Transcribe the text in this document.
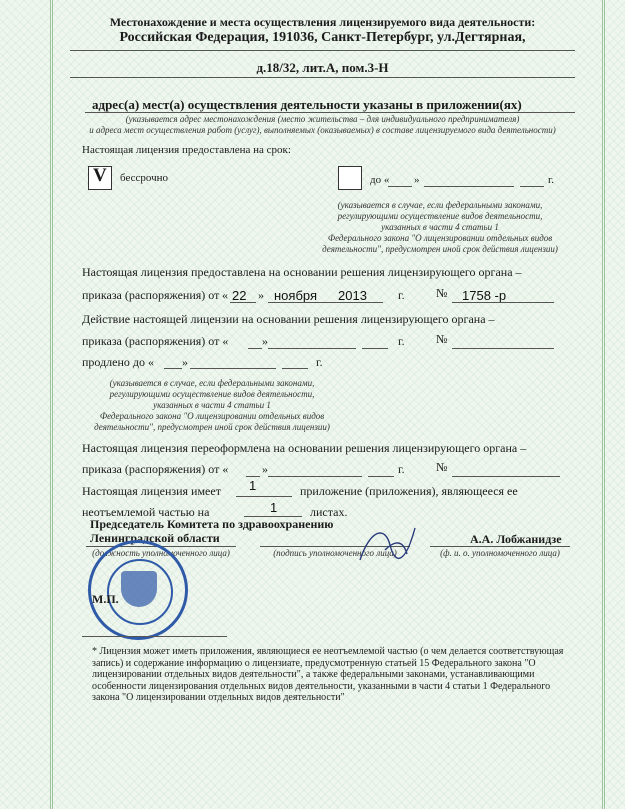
Местонахождение и места осуществления лицензируемого вида деятельности:
Российская Федерация, 191036, Санкт-Петербург, ул.Дегтярная,
д.18/32, лит.А, пом.3-Н
адрес(а) мест(а) осуществления деятельности указаны в приложении(ях)
(указывается адрес местонахождения (место жительства – для индивидуального предпринимателя)
и адреса мест осуществления работ (услуг), выполняемых (оказываемых) в составе лицензируемого вида деятельности)
Настоящая лицензия предоставлена на срок:
V бессрочно	до « »	г.
(указывается в случае, если федеральными законами,
регулирующими осуществление видов деятельности,
указанных в части 4 статьи 1
Федерального закона "О лицензировании отдельных видов
деятельности", предусмотрен иной срок действия лицензии)
Настоящая лицензия предоставлена на основании решения лицензирующего органа –
приказа (распоряжения) от « 22 » ноября 2013	г.	№ 1758 -р
Действие настоящей лицензии на основании решения лицензирующего органа –
приказа (распоряжения) от «	»	г.	№
продлено до « »	г.
(указывается в случае, если федеральными законами,
регулирующими осуществление видов деятельности,
указанных в части 4 статьи 1
Федерального закона "О лицензировании отдельных видов
деятельности", предусмотрен иной срок действия лицензии)
Настоящая лицензия переоформлена на основании решения лицензирующего органа –
приказа (распоряжения) от «	»	г.	№
Настоящая лицензия имеет 1	приложение (приложения), являющееся ее
неотъемлемой частью на	1	листах.
Председатель Комитета по здравоохранению
Ленинградской области	А.А. Лобжанидзе
(должность уполномоченного лица)	(подпись уполномоченного лица)	(ф. и. о. уполномоченного лица)
М.П.
* Лицензия может иметь приложения, являющиеся ее неотъемлемой частью (о чем делается соответствующая запись) и содержание информацию о лицензиате, предусмотренную статьей 15 Федерального закона "О лицензировании отдельных видов деятельности", а также федеральными законами, устанавливающими особенности лицензирования отдельных видов деятельности, указанными в части 4 статьи 1 Федерального закона "О лицензировании отдельных видов деятельности"
